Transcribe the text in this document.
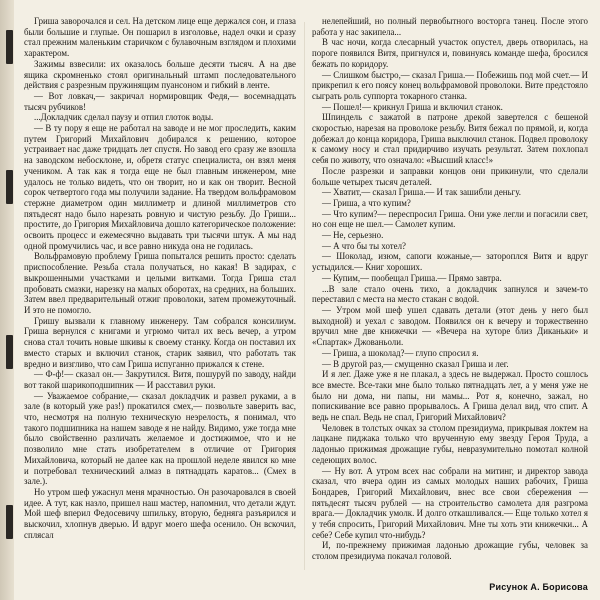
Гриша заворочался и сел. На детском лице еще держался сон, и глаза были большие и глупые. Он пошарил в изголовье, надел очки и сразу стал прежним маленьким старичком с булавочным взглядом и плохими характером.

Зажимы взвесили: их оказалось больше десяти тысяч. А на две ящика скромненько стоял оригинальный штамп последовательного действия с разрезным пружинящим пуансоном и гибкий в ленте.

— Вот ловкач,— закричал нормировщик Федя,— восемнадцать тысяч рубчиков!

...Докладчик сделал паузу и отпил глоток воды.

— В ту пору я еще не работал на заводе и не мог проследить, каким путем Григорий Михайлович добирался к решению, которое устраивает нас даже тридцать лет спустя. Но завод его сразу же взошла на заводском небосклоне, и, обретя статус специалиста, он взял меня учеником. А так как я тогда еще не был главным инженером, мне удалось не только видеть, что он творит, но и как он творит. Весной сорок четвертого года мы получили задание. На твердом вольфрамовом стержне диаметром один миллиметр и длиной миллиметров сто пятьдесят надо было нарезать ровную и чистую резьбу. До Гриши... простите, до Григория Михайловича дошло категорическое положение: освоить процесс и ежемесячно выдавать три тысячи штук. А мы над одной промучились час, и все равно никуда она не годилась.

Вольфрамовую проблему Гриша попытался решить просто: сделать приспособление. Резьба стала получаться, но какая! В задирах, с выкрошенными участками и целыми витками. Тогда Гриша стал пробовать смазки, нарезку на малых оборотах, на средних, на больших. Затем ввел предварительный отжиг проволоки, затем промежуточный. И это не помогло.

Гришу вызвали к главному инженеру. Там собрался консилиум. Гриша вернулся с книгами и угрюмо читал их весь вечер, а утром снова стал точить новые шкивы к своему станку. Когда он поставил их вместо старых и включил станок, старик заявил, что работать так вредно и визгливо, что сам Гриша испуганно прижался к стене.

— Ф-ф!— сказал он.— Закрутился. Витя, пошуруй по заводу, найди вот такой шарикоподшипник — И расставил руки.

— Уважаемое собрание,— сказал докладчик и развел руками, а в зале (в который уже раз!) прокатился смех,— позвольте заверить вас, что, несмотря на полную техническую неэрелость, я понимал, что такого подшипника на нашем заводе я не найду. Видимо, уже тогда мне было свойственно различать желаемое и достижимое, что и не позволило мне стать изобретателем в отличие от Григория Михайловича, который не далее как на прошлой неделе явился ко мне и потребовал техническиий алмаз в пятнадцать каратов... (Смех в зале.).

Но утром шеф ужаснул меня мрачностью. Он разочаровался в своей идее. А тут, как назло, пришел наш мастер, напомнил, что детали ждут. Мой шеф вперил Федосевичу шпильку, вторую, бедняга разъярился и выскочил, хлопнув дверью. И вдруг моего шефа осенило. Он вскочил, сплясал

нелепейший, но полный первобытного восторга танец. После этого работа у нас закипела...

В час ночи, когда слесарный участок опустел, дверь отворилась, на пороге появился Витя, пригнулся и, повинуясь команде шефа, бросился бежать по коридору.

— Слишком быстро,— сказал Гриша.— Побежишь под мой счет.— И прикрепил к его поясу конец вольфрамовой проволоки. Вите предстояло сыграть роль суппорта токарного станка.

— Пошел!— крикнул Гриша и включил станок.

Шпиндель с зажатой в патроне дрекой завертелся с бешеной скоростью, нарезая на проволоке резьбу. Витя бежал по прямой, и, когда добежал до конца коридора, Гриша выключил станок. Подвел проволоку к самому носу и стал придирчиво изучать результат. Затем похлопал себя по животу, что означало: «Высший класс!»

После разрезки и заправки концов они прикинули, что сделали больше четырех тысяч деталей.

— Хватит,— сказал Гриша.— И так зашибли деньгу.

— Гриша, а что купим?

— Что купим?— переспросил Гриша. Они уже легли и погасили свет, но сон еще не шел.— Самолет купим.

— Не, серьезно.

— А что бы ты хотел?

— Шоколад, изюм, сапоги кожаные,— затороплся Витя и вдруг устыдился.— Книг хороших.

— Купим,— пообещал Гриша.— Прямо завтра.

...В зале стало очень тихо, а докладчик запнулся и зачем-то переставил с места на место стакан с водой.

— Утром мой шеф ушел сдавать детали (этот день у него был выходной) и уехал с заводом. Появился он к вечеру и торжественно вручил мне две книжечки — «Вечера на хуторе близ Диканьки» и «Спартак» Джованьоли.

— Гриша, а шоколад?— глупо спросил я.

— В другой раз,— смущенно сказал Гриша и лег.

И я лег. Даже уже я не плакал, а здесь не выдержал. Просто сошлось все вместе. Все-таки мне было только пятнадцать лет, а у меня уже не было ни дома, ни папы, ни мамы... Рот я, конечно, зажал, но попискивание все равно прорывалось. А Гриша делал вид, что спит. А ведь не спал. Ведь не спал, Григорий Михайлович?

Человек в толстых очках за столом президиума, прикрывая локтем на лацкане пиджака только что врученную ему звезду Героя Труда, а ладонью прижимая дрожащие губы, невразумительно помотал колной седеющих волос.

— Ну вот. А утром всех нас собрали на митинг, и директор завода сказал, что вчера один из самых молодых наших рабочих, Гриша Бондарев, Григорий Михайлович, внес все свои сбережения — пятьдесят тысяч рублей — на строительство самолета для разгрома врага.— Докладчик умолк. И долго откашливался.— Еще только хотел я у тебя спросить, Григорий Михайлович. Мне ты хоть эти книжечки... А себе? Себе купил что-нибудь?

И, по-прежнему прижимая ладонью дрожащие губы, человек за столом президиума покачал головой.

Рисунок А. Борисова
